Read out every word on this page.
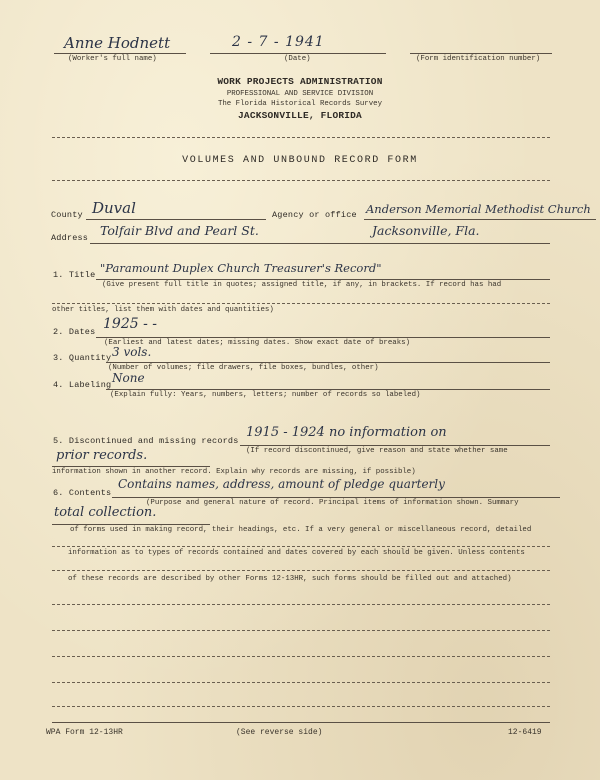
Anne Hodnett	2 - 7 - 1941
(Worker's full name)	(Date)	(Form identification number)
WORK PROJECTS ADMINISTRATION
PROFESSIONAL AND SERVICE DIVISION
The Florida Historical Records Survey
JACKSONVILLE, FLORIDA
VOLUMES AND UNBOUND RECORD FORM
County Duval	Agency or office Anderson Memorial Methodist Church
Address Tolfair Blvd and Pearl St.	Jacksonville, Fla.
1. Title "Paramount Duplex Church Treasurer's Record"
(Give present full title in quotes; assigned title, if any, in brackets. If record has had
other titles, list them with dates and quantities)
2. Dates 1925 - -
(Earliest and latest dates; missing dates. Show exact date of breaks)
3. Quantity 3 vols.
(Number of volumes; file drawers, file boxes, bundles, other)
4. Labeling None
(Explain fully: Years, numbers, letters; number of records so labeled)
5. Discontinued and missing records
1915 - 1924 no information on
(If record discontinued, give reason and state whether same
prior records.
information shown in another record. Explain why records are missing, if possible)
6. Contents
Contains names, address, amount of pledge quarterly
(Purpose and general nature of record. Principal items of information shown. Summary
total collection.
of forms used in making record, their headings, etc. If a very general or miscellaneous record, detailed
information as to types of records contained and dates covered by each should be given. Unless contents
of these records are described by other Forms 12-13HR, such forms should be filled out and attached)
WPA Form 12-13HR	(See reverse side)	12-6419
